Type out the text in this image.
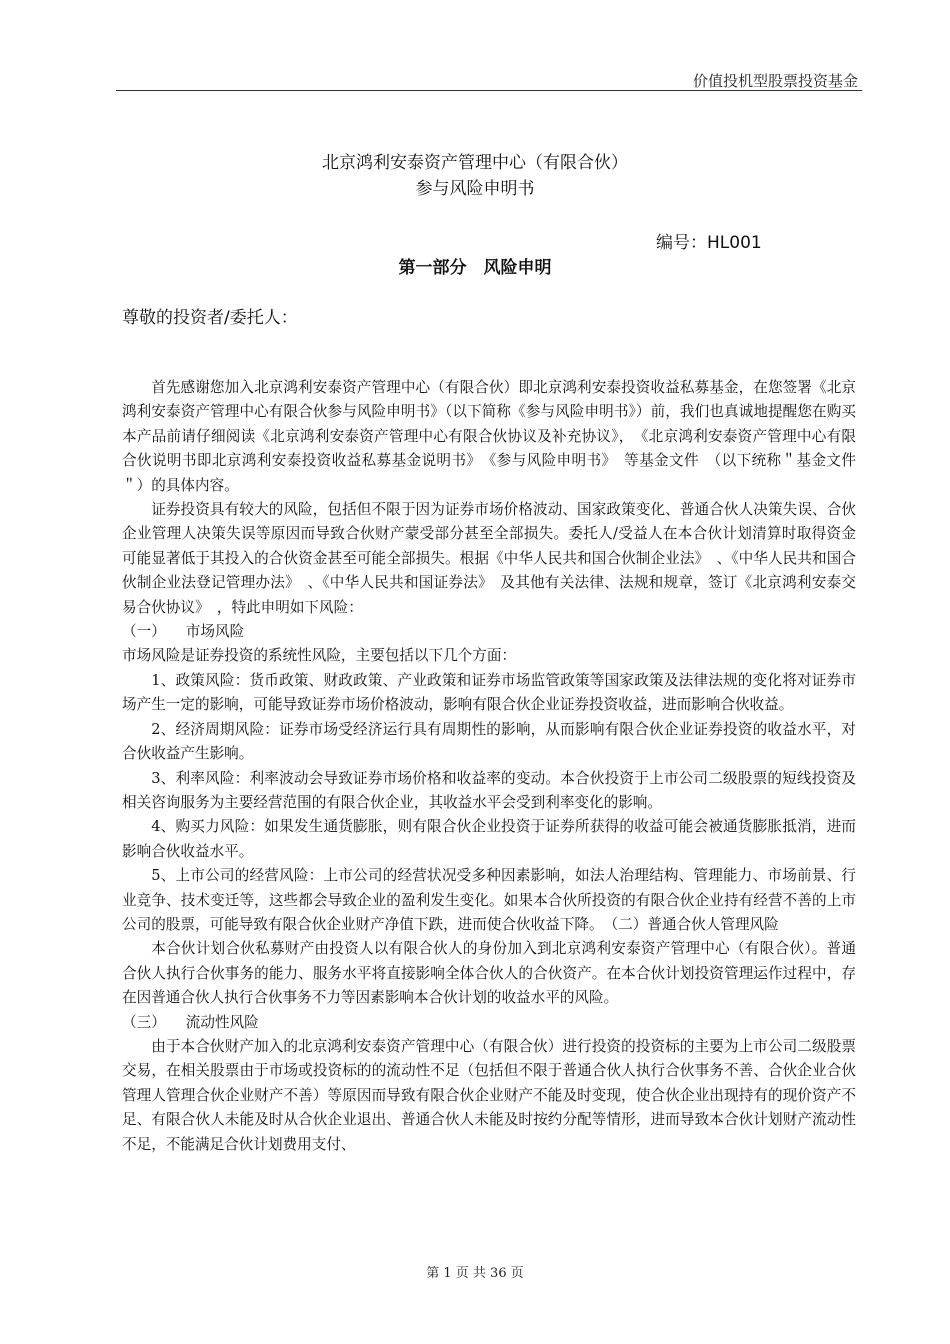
价值投机型股票投资基金
北京鸿利安泰资产管理中心（有限合伙）
参与风险申明书
编号：HL001
第一部分　风险申明
尊敬的投资者/委托人：

首先感谢您加入北京鸿利安泰资产管理中心（有限合伙）即北京鸿利安泰投资收益私募基金，在您签署《北京鸿利安泰资产管理中心有限合伙参与风险申明书》（以下简称《参与风险申明书》）前，我们也真诚地提醒您在购买本产品前请仔细阅读《北京鸿利安泰资产管理中心有限合伙协议及补充协议》，　《北京鸿利安泰资产管理中心有限合伙说明书即北京鸿利安泰投资收益私募基金说明书》　《参与风险申明书》　等基金文件　（以下统称＂基金文件＂）的具体内容。

证券投资具有较大的风险，包括但不限于因为证券市场价格波动、国家政策变化、普通合伙人决策失误、合伙企业管理人决策失误等原因而导致合伙财产蒙受部分甚至全部损失。委托人/受益人在本合伙计划清算时取得资金可能显著低于其投入的合伙资金甚至可能全部损失。根据《中华人民共和国合伙制企业法》　、《中华人民共和国合伙制企业法登记管理办法》　、《中华人民共和国证券法》　及其他有关法律、法规和规章，签订《北京鸿利安泰交易合伙协议》　，特此申明如下风险：

（一） 市场风险

市场风险是证券投资的系统性风险，主要包括以下几个方面：

1、政策风险：货币政策、财政政策、产业政策和证券市场监管政策等国家政策及法律法规的变化将对证券市场产生一定的影响，可能导致证券市场价格波动，影响有限合伙企业证券投资收益，进而影响合伙收益。

2、经济周期风险：证券市场受经济运行具有周期性的影响，从而影响有限合伙企业证券投资的收益水平，对合伙收益产生影响。

3、利率风险：利率波动会导致证券市场价格和收益率的变动。本合伙投资于上市公司二级股票的短线投资及相关咨询服务为主要经营范围的有限合伙企业，其收益水平会受到利率变化的影响。

4、购买力风险：如果发生通货膨胀，则有限合伙企业投资于证券所获得的收益可能会被通货膨胀抵消，进而影响合伙收益水平。

5、上市公司的经营风险：上市公司的经营状况受多种因素影响，如法人治理结构、管理能力、市场前景、行业竞争、技术变迁等，这些都会导致企业的盈利发生变化。如果本合伙所投资的有限合伙企业持有经营不善的上市公司的股票，可能导致有限合伙企业财产净值下跌，进而使合伙收益下降。　 （二）普通合伙人管理风险

本合伙计划合伙私募财产由投资人以有限合伙人的身份加入到北京鸿利安泰资产管理中心（有限合伙）。普通合伙人执行合伙事务的能力、服务水平将直接影响全体合伙人的合伙资产。在本合伙计划投资管理运作过程中，存在因普通合伙人执行合伙事务不力等因素影响本合伙计划的收益水平的风险。

（三） 流动性风险

由于本合伙财产加入的北京鸿利安泰资产管理中心（有限合伙）进行投资的投资标的主要为上市公司二级股票交易，在相关股票由于市场或投资标的的流动性不足（包括但不限于普通合伙人执行合伙事务不善、合伙企业合伙管理人管理合伙企业财产不善）等原因而导致有限合伙企业财产不能及时变现，使合伙企业出现持有的现价资产不足、有限合伙人未能及时从合伙企业退出、普通合伙人未能及时按约分配等情形，进而导致本合伙计划财产流动性不足，不能满足合伙计划费用支付、

第 1 页 共 36 页
